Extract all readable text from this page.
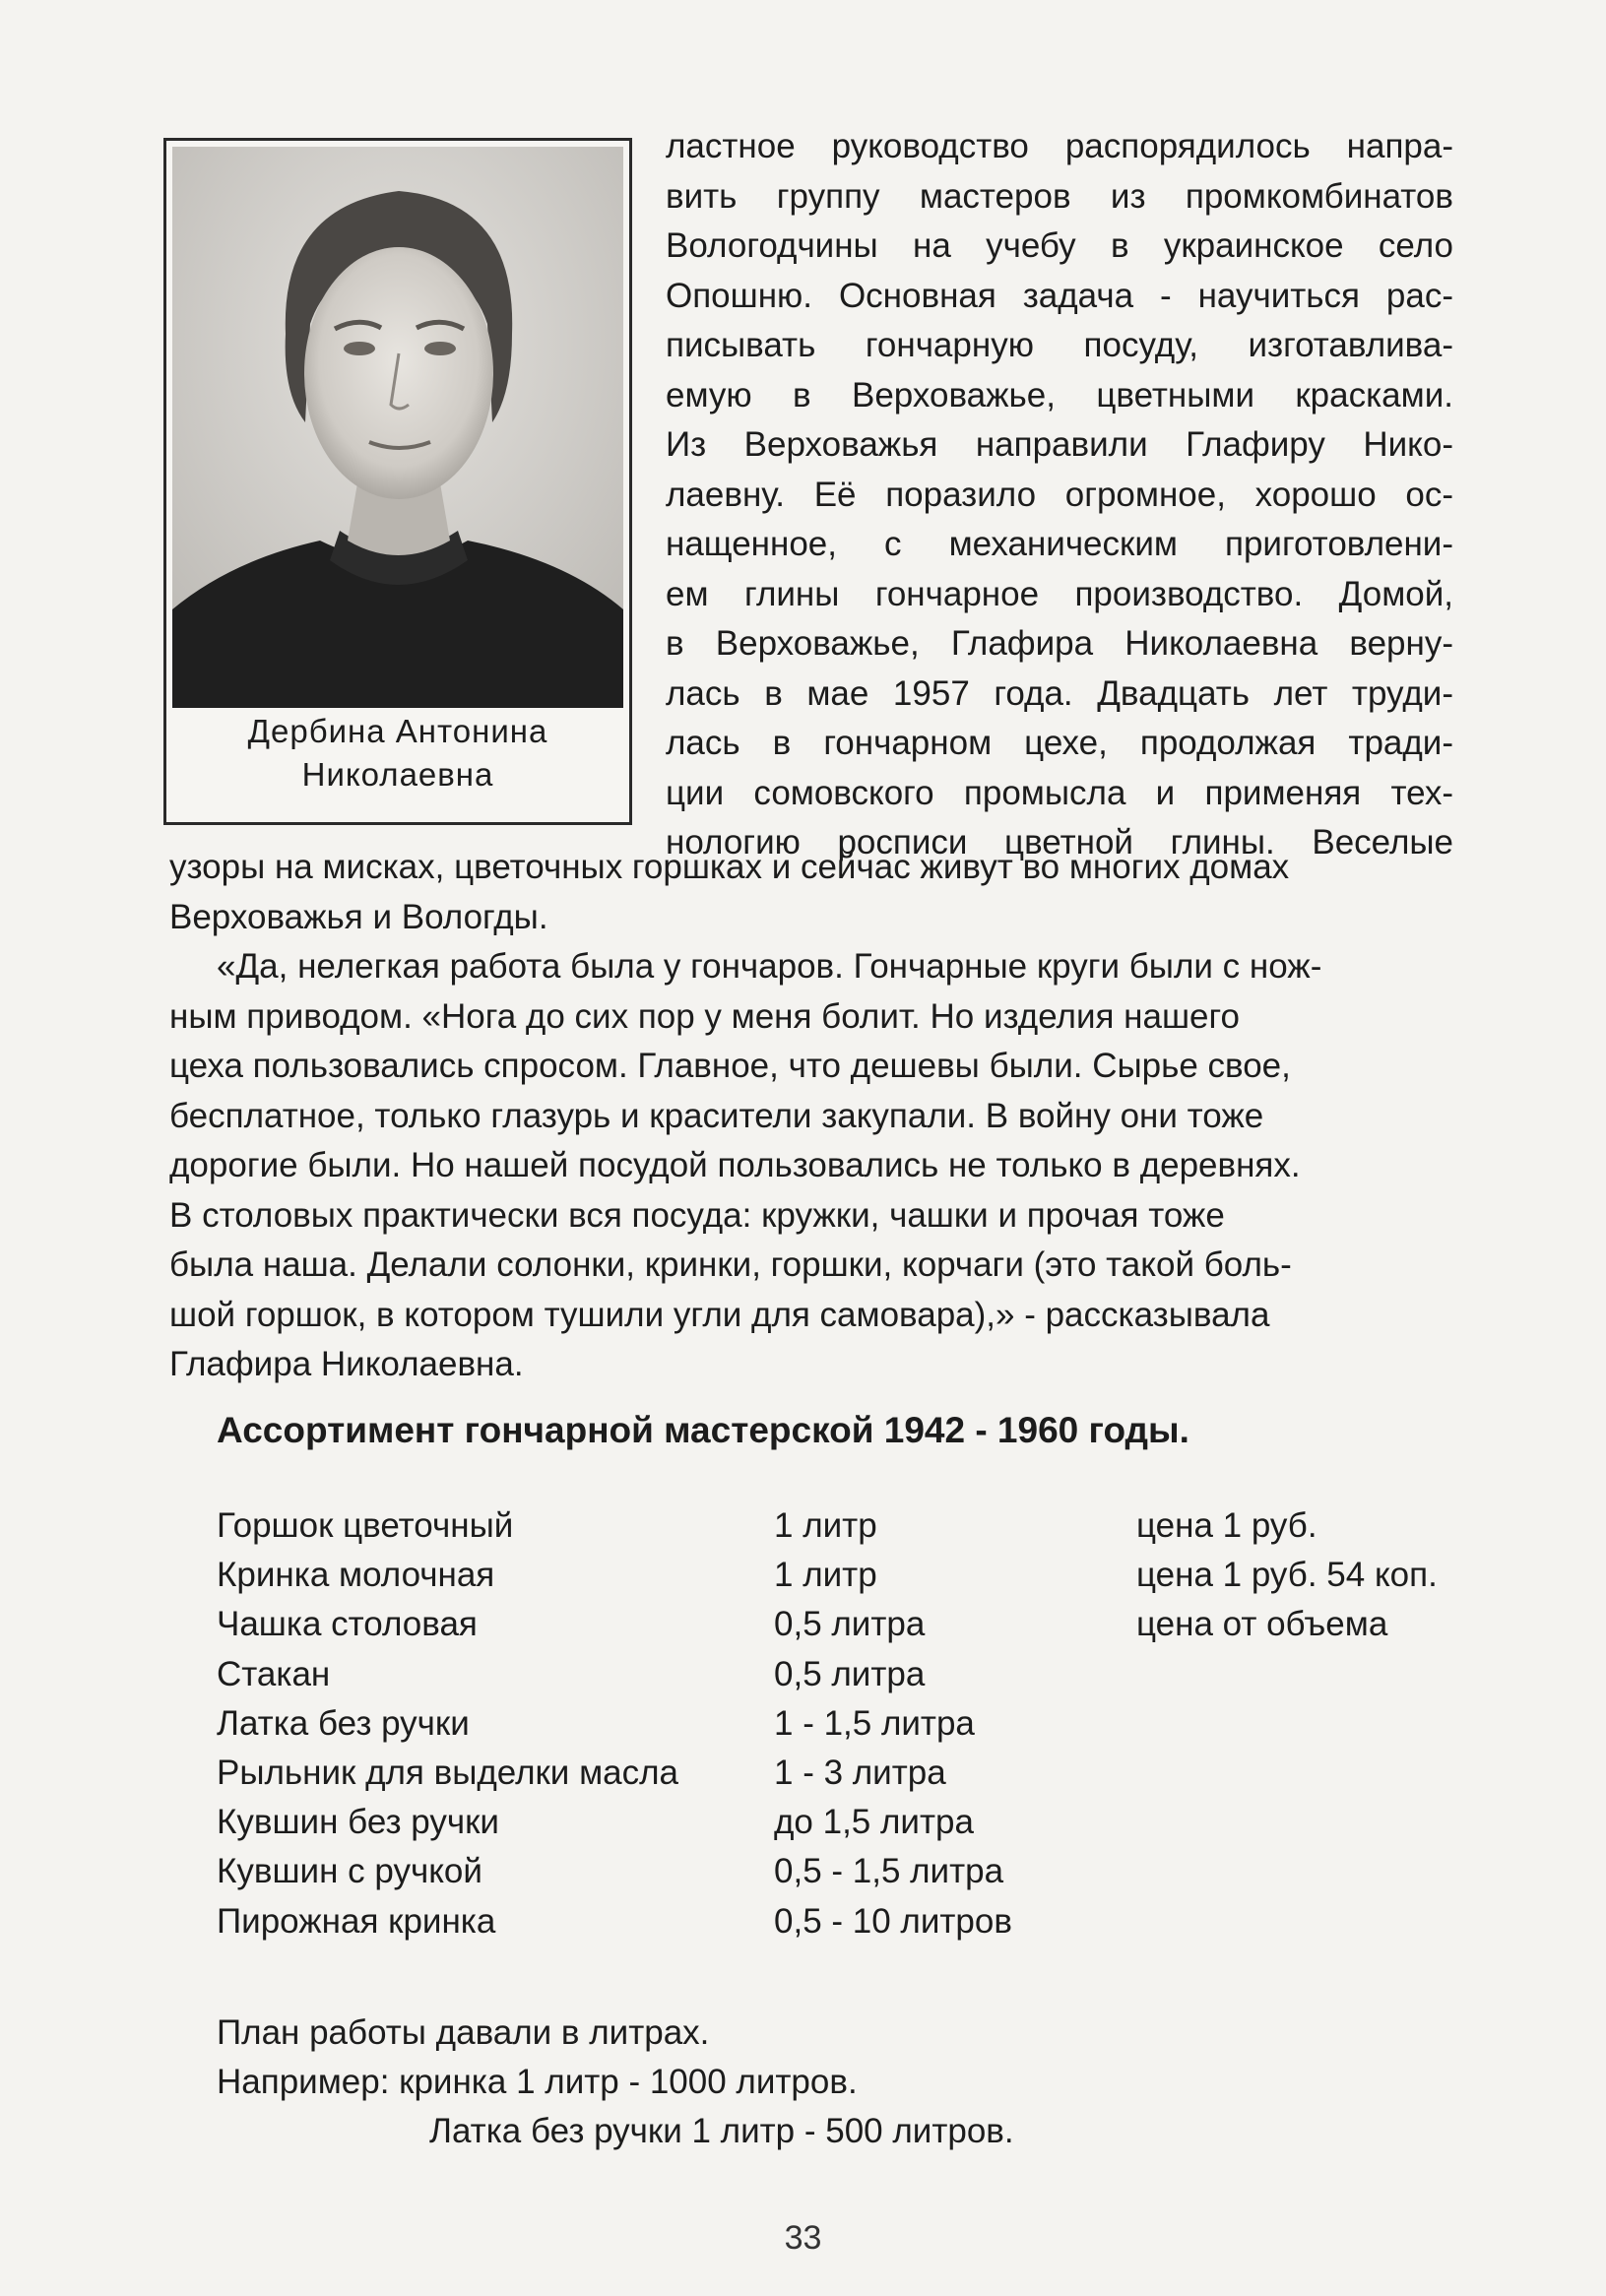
Дербина Антонина
Николаевна
ластное руководство распорядилось напра-
вить группу мастеров из промкомбинатов
Вологодчины на учебу в украинское село
Опошню. Основная задача - научиться рас-
писывать гончарную посуду, изготавлива-
емую в Верховажье, цветными красками.
Из Верховажья направили Глафиру Нико-
лаевну. Её поразило огромное, хорошо ос-
нащенное, с механическим приготовлени-
ем глины гончарное производство. Домой,
в Верховажье, Глафира Николаевна верну-
лась в мае 1957 года. Двадцать лет труди-
лась в гончарном цехе, продолжая тради-
ции сомовского промысла и применяя тех-
нологию росписи цветной глины. Веселые
узоры на мисках, цветочных горшках и сейчас живут во многих домах
Верховажья и Вологды.
«Да, нелегкая работа была у гончаров. Гончарные круги были с нож-
ным приводом. «Нога до сих пор у меня болит. Но изделия нашего
цеха пользовались спросом. Главное, что дешевы были. Сырье свое,
бесплатное, только глазурь и красители закупали. В войну они тоже
дорогие были. Но нашей посудой пользовались не только в деревнях.
В столовых практически вся посуда: кружки, чашки и прочая тоже
была наша. Делали солонки, кринки, горшки, корчаги (это такой боль-
шой горшок, в котором тушили угли для самовара),» - рассказывала
Глафира Николаевна.
Ассортимент гончарной мастерской 1942 - 1960 годы.
Горшок цветочный	1 литр	цена 1 руб.
Кринка молочная	1 литр	цена 1 руб. 54 коп.
Чашка столовая	0,5 литра	цена от объема
Стакан	0,5 литра
Латка без ручки	1 - 1,5 литра
Рыльник для выделки масла	1 - 3 литра
Кувшин без ручки	до 1,5 литра
Кувшин с ручкой	0,5 - 1,5 литра
Пирожная кринка	0,5 - 10 литров
План работы давали в литрах.
Например: кринка 1 литр - 1000 литров.
Латка без ручки 1 литр - 500 литров.
33
